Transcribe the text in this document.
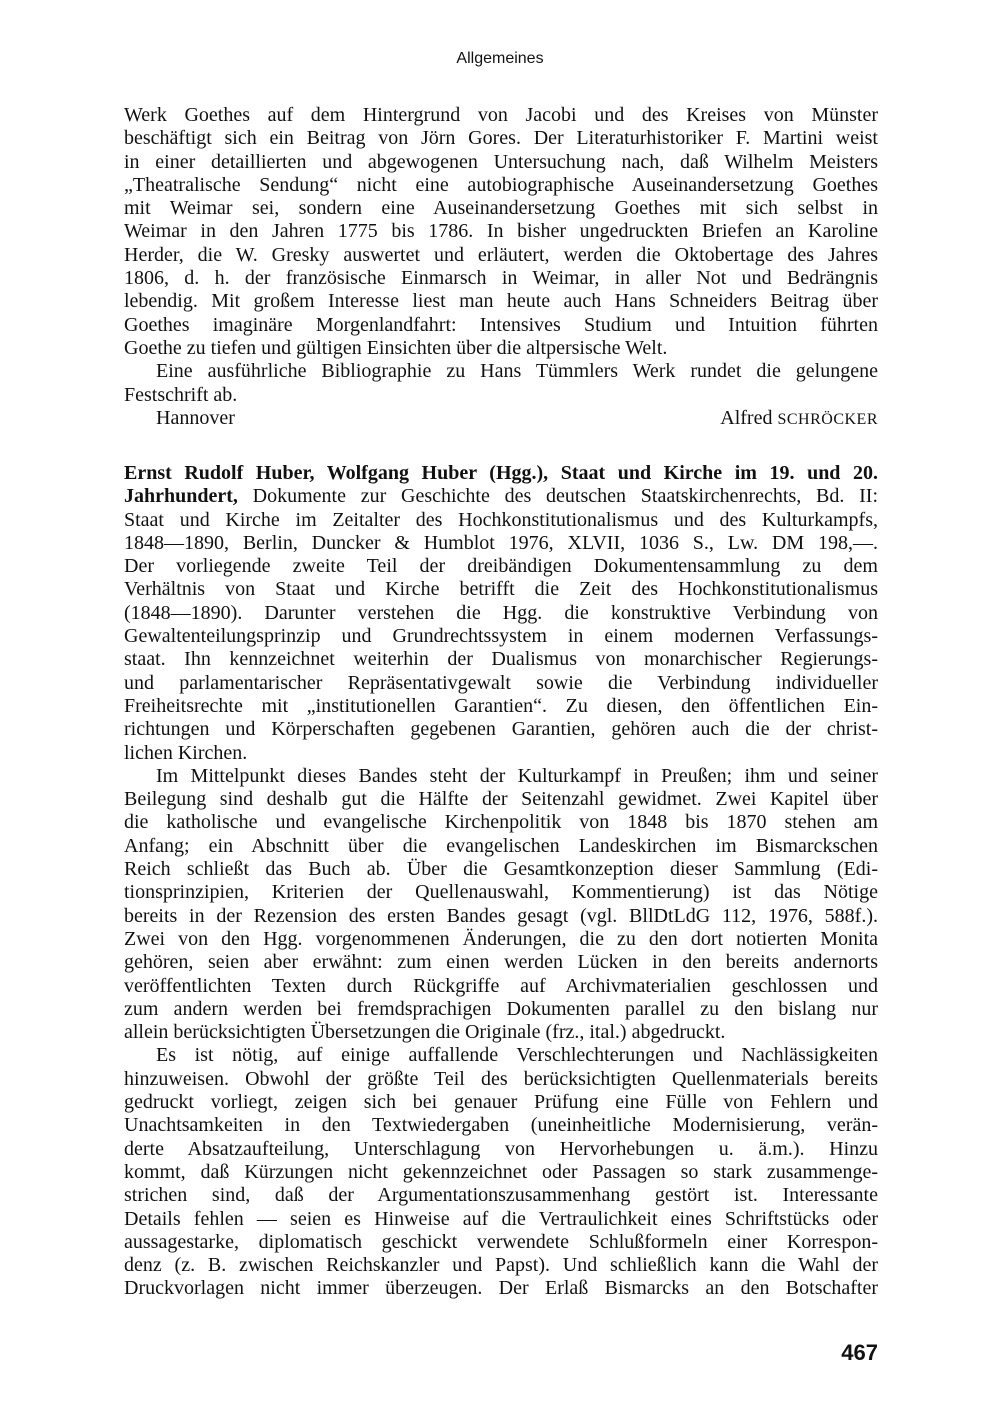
Allgemeines
Werk Goethes auf dem Hintergrund von Jacobi und des Kreises von Münster
beschäftigt sich ein Beitrag von Jörn Gores. Der Literaturhistoriker F. Martini weist
in einer detaillierten und abgewogenen Untersuchung nach, daß Wilhelm Meisters
„Theatralische Sendung“ nicht eine autobiographische Auseinandersetzung Goethes
mit Weimar sei, sondern eine Auseinandersetzung Goethes mit sich selbst in
Weimar in den Jahren 1775 bis 1786. In bisher ungedruckten Briefen an Karoline
Herder, die W. Gresky auswertet und erläutert, werden die Oktobertage des Jahres
1806, d. h. der französische Einmarsch in Weimar, in aller Not und Bedrängnis
lebendig. Mit großem Interesse liest man heute auch Hans Schneiders Beitrag über
Goethes imaginäre Morgenlandfahrt: Intensives Studium und Intuition führten
Goethe zu tiefen und gültigen Einsichten über die altpersische Welt.
Eine ausführliche Bibliographie zu Hans Tümmlers Werk rundet die gelungene
Festschrift ab.
Hannover	Alfred SCHRÖCKER
Ernst Rudolf Huber, Wolfgang Huber (Hgg.), Staat und Kirche im 19. und 20.
Jahrhundert, Dokumente zur Geschichte des deutschen Staatskirchenrechts, Bd. II:
Staat und Kirche im Zeitalter des Hochkonstitutionalismus und des Kulturkampfs,
1848—1890, Berlin, Duncker & Humblot 1976, XLVII, 1036 S., Lw. DM 198,—.
Der vorliegende zweite Teil der dreibändigen Dokumentensammlung zu dem
Verhältnis von Staat und Kirche betrifft die Zeit des Hochkonstitutionalismus
(1848—1890). Darunter verstehen die Hgg. die konstruktive Verbindung von
Gewaltenteilungsprinzip und Grundrechtssystem in einem modernen Verfassungs-
staat. Ihn kennzeichnet weiterhin der Dualismus von monarchischer Regierungs-
und parlamentarischer Repräsentativgewalt sowie die Verbindung individueller
Freiheitsrechte mit „institutionellen Garantien“. Zu diesen, den öffentlichen Ein-
richtungen und Körperschaften gegebenen Garantien, gehören auch die der christ-
lichen Kirchen.
Im Mittelpunkt dieses Bandes steht der Kulturkampf in Preußen; ihm und seiner
Beilegung sind deshalb gut die Hälfte der Seitenzahl gewidmet. Zwei Kapitel über
die katholische und evangelische Kirchenpolitik von 1848 bis 1870 stehen am
Anfang; ein Abschnitt über die evangelischen Landeskirchen im Bismarckschen
Reich schließt das Buch ab. Über die Gesamtkonzeption dieser Sammlung (Edi-
tionsprinzipien, Kriterien der Quellenauswahl, Kommentierung) ist das Nötige
bereits in der Rezension des ersten Bandes gesagt (vgl. BllDtLdG 112, 1976, 588f.).
Zwei von den Hgg. vorgenommenen Änderungen, die zu den dort notierten Monita
gehören, seien aber erwähnt: zum einen werden Lücken in den bereits andernorts
veröffentlichten Texten durch Rückgriffe auf Archivmaterialien geschlossen und
zum andern werden bei fremdsprachigen Dokumenten parallel zu den bislang nur
allein berücksichtigten Übersetzungen die Originale (frz., ital.) abgedruckt.
Es ist nötig, auf einige auffallende Verschlechterungen und Nachlässigkeiten
hinzuweisen. Obwohl der größte Teil des berücksichtigten Quellenmaterials bereits
gedruckt vorliegt, zeigen sich bei genauer Prüfung eine Fülle von Fehlern und
Unachtsamkeiten in den Textwiedergaben (uneinheitliche Modernisierung, verän-
derte Absatzaufteilung, Unterschlagung von Hervorhebungen u. ä.m.). Hinzu
kommt, daß Kürzungen nicht gekennzeichnet oder Passagen so stark zusammenge-
strichen sind, daß der Argumentationszusammenhang gestört ist. Interessante
Details fehlen — seien es Hinweise auf die Vertraulichkeit eines Schriftstücks oder
aussagestarke, diplomatisch geschickt verwendete Schlußformeln einer Korrespon-
denz (z. B. zwischen Reichskanzler und Papst). Und schließlich kann die Wahl der
Druckvorlagen nicht immer überzeugen. Der Erlaß Bismarcks an den Botschafter
467
